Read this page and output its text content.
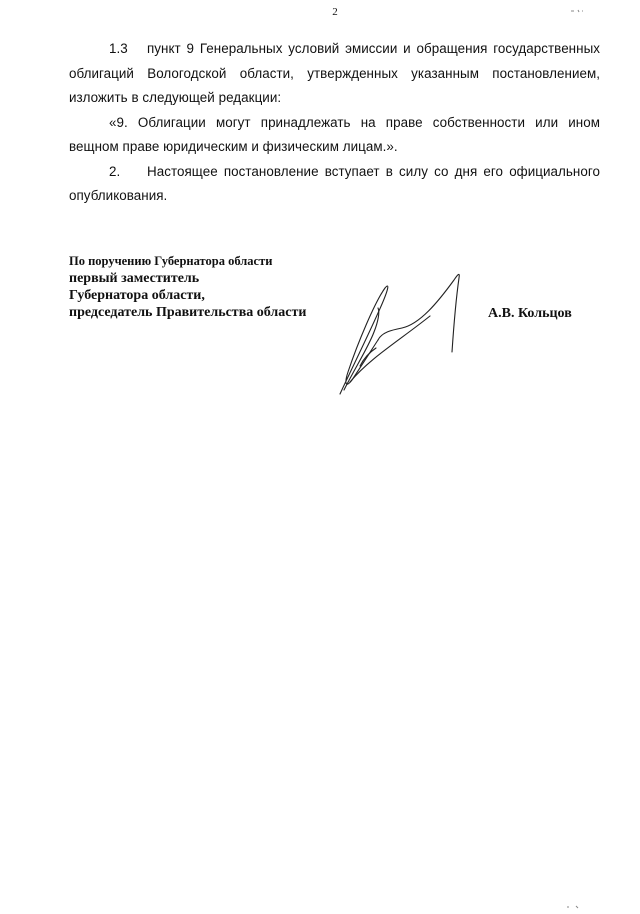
2

1.3 пункт 9 Генеральных условий эмиссии и обращения государственных облигаций Вологодской области, утвержденных указанным постановлением, изложить в следующей редакции:

«9. Облигации могут принадлежать на праве собственности или ином вещном праве юридическим и физическим лицам.».

2. Настоящее постановление вступает в силу со дня его официального опубликования.

По поручению Губернатора области
первый заместитель
Губернатора области,
председатель Правительства области	А.В. Кольцов
